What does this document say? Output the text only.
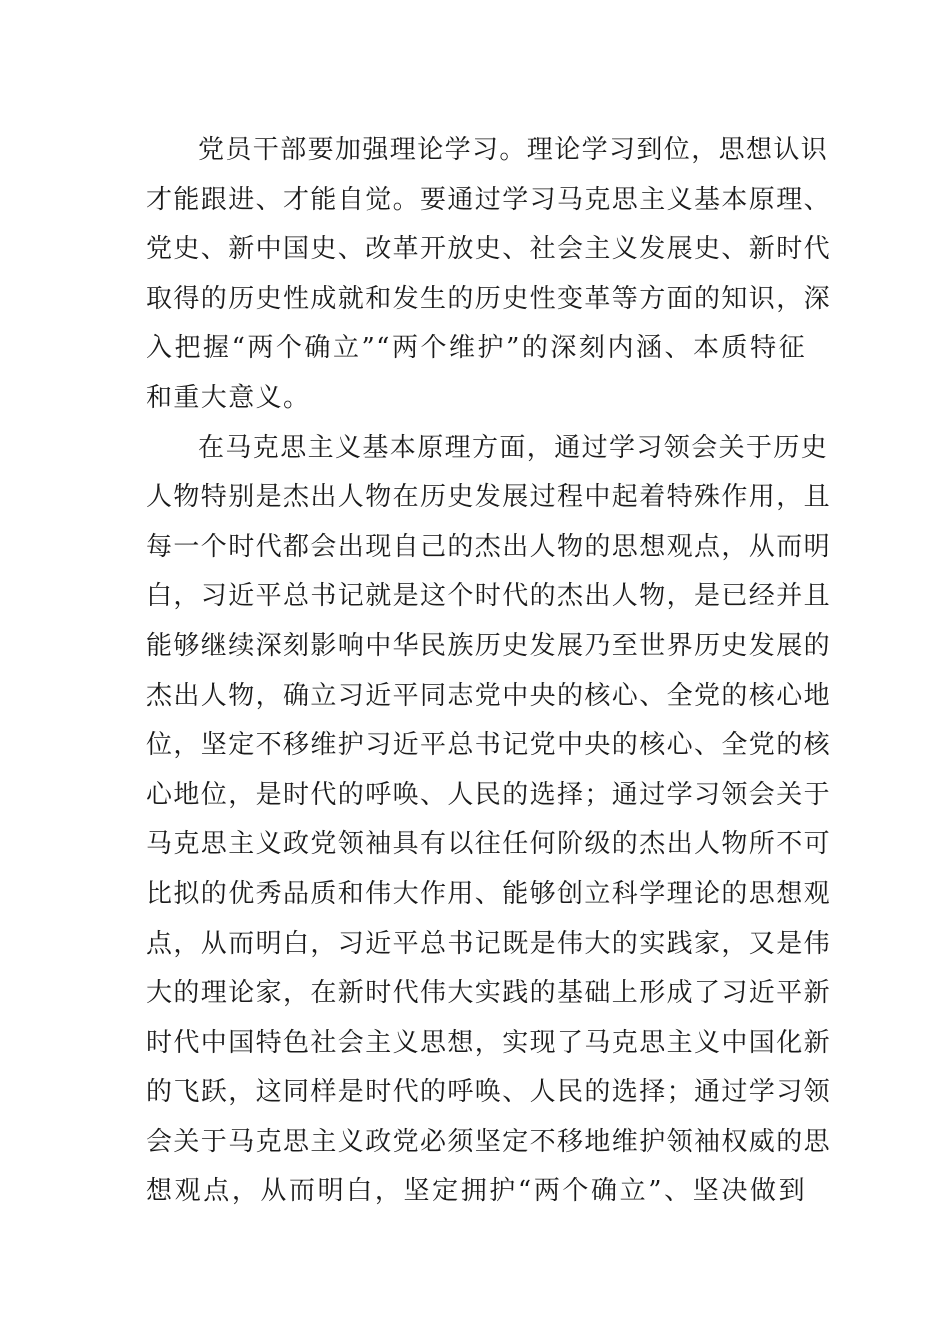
党员干部要加强理论学习。理论学习到位，思想认识
才能跟进、才能自觉。要通过学习马克思主义基本原理、
党史、新中国史、改革开放史、社会主义发展史、新时代
取得的历史性成就和发生的历史性变革等方面的知识，深
入把握“两个确立”“两个维护”的深刻内涵、本质特征
和重大意义。

在马克思主义基本原理方面，通过学习领会关于历史
人物特别是杰出人物在历史发展过程中起着特殊作用，且
每一个时代都会出现自己的杰出人物的思想观点，从而明
白，习近平总书记就是这个时代的杰出人物，是已经并且
能够继续深刻影响中华民族历史发展乃至世界历史发展的
杰出人物，确立习近平同志党中央的核心、全党的核心地
位，坚定不移维护习近平总书记党中央的核心、全党的核
心地位，是时代的呼唤、人民的选择；通过学习领会关于
马克思主义政党领袖具有以往任何阶级的杰出人物所不可
比拟的优秀品质和伟大作用、能够创立科学理论的思想观
点，从而明白，习近平总书记既是伟大的实践家，又是伟
大的理论家，在新时代伟大实践的基础上形成了习近平新
时代中国特色社会主义思想，实现了马克思主义中国化新
的飞跃，这同样是时代的呼唤、人民的选择；通过学习领
会关于马克思主义政党必须坚定不移地维护领袖权威的思
想观点，从而明白，坚定拥护“两个确立”、坚决做到
